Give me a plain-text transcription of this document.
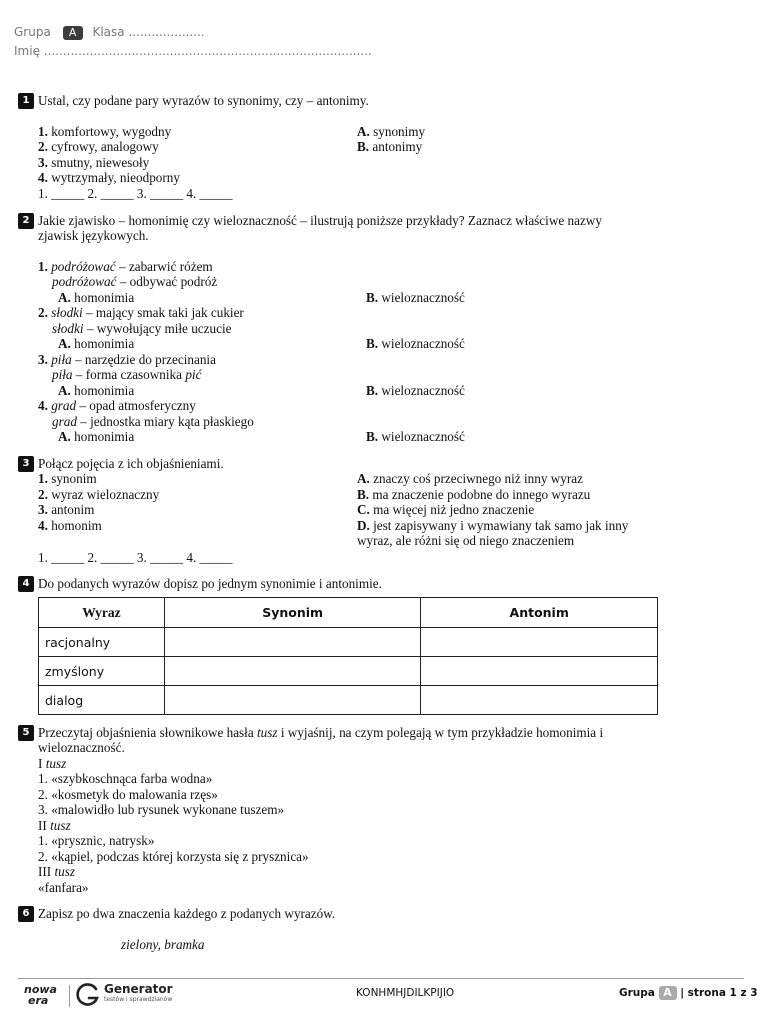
Grupa A Klasa ....................
Imię ......................................................................................
1 Ustal, czy podane pary wyrazów to synonimy, czy – antonimy.
1. komfortowy, wygodny
2. cyfrowy, analogowy
3. smutny, niewesoły
4. wytrzymały, nieodporny
A. synonimy
B. antonimy
1. _____ 2. _____ 3. _____ 4. _____
2 Jakie zjawisko – homonimię czy wieloznaczność – ilustrują poniższe przykłady? Zaznacz właściwe nazwy
zjawisk językowych.
1. podróżować – zabarwić różem
podróżować – odbywać podróż
A. homonimia	B. wieloznaczność
2. słodki – mający smak taki jak cukier
słodki – wywołujący miłe uczucie
A. homonimia	B. wieloznaczność
3. piła – narzędzie do przecinania
piła – forma czasownika pić
A. homonimia	B. wieloznaczność
4. grad – opad atmosferyczny
grad – jednostka miary kąta płaskiego
A. homonimia	B. wieloznaczność
3 Połącz pojęcia z ich objaśnieniami.
1. synonim
2. wyraz wieloznaczny
3. antonim
4. homonim
A. znaczy coś przeciwnego niż inny wyraz
B. ma znaczenie podobne do innego wyrazu
C. ma więcej niż jedno znaczenie
D. jest zapisywany i wymawiany tak samo jak inny
wyraz, ale różni się od niego znaczeniem
1. _____ 2. _____ 3. _____ 4. _____
4 Do podanych wyrazów dopisz po jednym synonimie i antonimie.
Wyraz	Synonim	Antonim
racjonalny		
zmyślony		
dialog		
5 Przeczytaj objaśnienia słownikowe hasła tusz i wyjaśnij, na czym polegają w tym przykładzie homonimia i
wieloznaczność.
I tusz
1. «szybkoschnąca farba wodna»
2. «kosmetyk do malowania rzęs»
3. «malowidło lub rysunek wykonane tuszem»
II tusz
1. «prysznic, natrysk»
2. «kąpiel, podczas której korzysta się z prysznica»
III tusz
«fanfara»
6 Zapisz po dwa znaczenia każdego z podanych wyrazów.
zielony, bramka
nowa
era
Generator
testów i sprawdzianów
KONHMHJDILKPIJIO	Grupa A | strona 1 z 3
